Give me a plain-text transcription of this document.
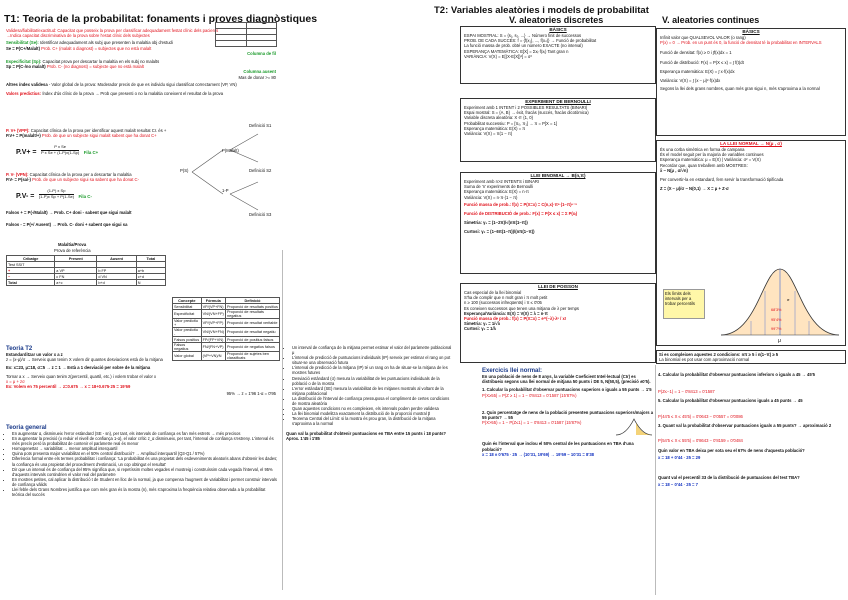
T1: Teoria de la probabilitat: fonaments i proves diagnòstiques
Validesa/fiabilitat/exactitud: Capacitat que posseix la prova per classificar adequadament festat clínic dels pacients
→Indica capacitat discriminativa de la prova sobre l'estat clínic dels subjectes
Sensibilitat (Se): Identificar adequadament als subj que presenten la malaltia obj d'estudi
Se = P(C+/Malalt) Prob. C+ (malalt o diagnost) = subjectes que no està malalt
Columna de fil
Especificitat (Sp): Capacitat prova per descartar la malaltia en els subj no malalts
Sp = P(C-/no malalt) Prob. C- (no diagnost) = subjecte que no està malalt
Columna ausent
Mas de donar >= 80
Altres índex validesa - Valor global de la prova: Moderador precis de que es individu sigui classificat correctament (VP, VN)
Valors predictius: Índex d'ús clínic de la prova → Prob que presenti o no la malaltia coneixent el resultat de la prova

P. V+ (VPP): Capacitat clínica de la prova per identificar aquest malalt resultat Cr. és +
P.V+ = P(malalt/+) Prob. de que un subjecte sigui malalt sabent que ha donat C+
$P.V+ = \frac{\text{P x Se}}{\text{P x Se + (1-P)x(1-Sp)}}$ Fila C+
P. V- (VPN): Capacitat clínica de la prova per a descartar la malaltia
P.V- = P(sa/-) Prob. de que un subjecte sigui sa sabent que ha donat C-
$P.V- = \frac{\text{(1-P) x Sp}}{\text{(1-P)x Sp + P(1-Se)}}$ Fila C-
Falsos + = P(-/Malalt) → Prob. C+ doni - sabent que sigui malalt
Falsos - = P(+/ Ausent) → Prob. C- doni + sabent que sigui sa
Definició S1
P(Malalt)
1-P
Definició S2
P(S)
Definició S3
Malaltia/Prova
Prova de referència
Cribatge	Present	Ausent	Total
Test SSIT			
+	a VP	b FP	a+b
−	c FN	d VN	c+d
Total	a+c	b+d	N
Concepte	Fórmula	Definició
Sensibilitat	VP/(VP+FN)	Proporció de resultats positius
Especificitat	VN/(VN+FP)	Proporció de resultats negatius
Valor predictiu +	VP/(VP+FP)	Proporció de resultat veritable
Valor predictiu -	VN/(VN+FN)	Proporció de resultat negatiu
Falsos positius	FP/(FP+VN)	Proporció de positius falsos
Falsos negatius	FN/(FN+VP)	Proporció de negatius falsos
Valor global	(VP+VN)/N	Proporció de sujetes ben classificats
Teoria T2
Estandarditzar un valor x a z
z = (x-μ)/σ → Serveix quan tenim X volem dir quantes desviacions està de la mitjana
Ex: x=23, μ=18, σ=5 → z = 1 → Està a 1 desviació per sobre de la mitjana
Tornar a x → Serveix quan tenim z(percentil, quartil, etc.) i volem trobar el valor x
x = μ + zσ
Ex: Volem en 75 percentil → z=0.675 → x = 18+0.675·25 = 19'69
95% → z = 1'96 1-α = 0'95
Teoria general
• En augmentar α, disminueix l'error estàndard (SE - sn), per tant, els intervals de confiança es fan més estrets → més precisos
• En augmentar la precisió (o reduir el nivell de confiança 1-α), el valor crític z_α disminueix, per tant, l'interval de confiança s'estreny. L'interval és més precís però la probabilitat de contenir el paràmetre real és menor
• Homogeneïtat → variabilitat → menor amplitud interquartil
• Quina pots presenta major variabilitat en el 50% central distribució? → Amplitud interquartil (Q3-Q1 / 57%)
• Diferència formal entre els termes probabilitat i confiança: 'La probabilitat és una propietat dels esdeveniments aleatoris abans d'obtenir les dades; la confiança és una propietat del procediment d'estimació, un cop obtingut el resultat'
• Dir que un interval és de confiança del 95% significa que, si repetíssim moltes vegades el mostreig i construíssim cada vegada l'interval, el 95% d'aquests intervals contindrien el valor real del paràmetre
• En mostres petites, cal aplicar la distribució t de Student en lloc de la normal, ja que compensa l'augment de variabilitat i permet construir intervals de confiança vàlids
• Llei feble dels Grans Nombres justifica que com més gran és la mostra (n), més s'aproxima la freqüència relativa observada a la probabilitat teòrica del succés
T2: Variables aleatòries i models de probabilitat
V. aleatories discretes
BÀSICS
ESPAI MOSTRAL: S = {s₁, s₂, ...} → Número finit de successos
PROB. DE CADA SUCCÉS: f = {f(x₁), ..., f(xₙ)} → Funció de probabilitat
La funció massa de prob. obté un número EXACTE (no interval)
ESPERANÇA MATEMÀTICA: E[X] = Σxᵢ·f(xᵢ) Tant gran n
VARIÀNCIA: V(X) = E[(X-E[X])²] = σ²
EXPERIMENT DE BERNOULLI
Experiment amb 1 INTENT i 2 POSSIBLES RESULTATS (BINARI)
Espai mostral: S = {A, B} → èxit, fracàs (succés, fracàs dicotòmica)
Variable discreta aleatòria: X ∈ {1, 0}
Probabilitat successiu: P = [π₀, π₁] → π = P[X = 1]
Esperança matemàtica: E(X) = π
Variància: V(X) = π(1 − π)
LLEI BINOMIAL → B(n,π)
Experiment amb n>2 INTENTS i BINARI
Suma de 'n' experiments de Bernoulli
Esperança matemàtica: E(X) = n·π
Variància: V(X) = n·π·(1 − π)
Funció massa de prob.: f(x) = P(X=x) = C(n,x)·πˣ·(1−π)ⁿ⁻ˣ
Funció de DISTRIBUCIÓ de prob.: F(x) = P(X ≤ x) = Σ P(xᵢ)
Simetria: γ₁ = (1−2π)/√(nπ(1−π))
Curtosi: γ₂ = (1−6π(1−π))/(nπ(1−π))
LLEI DE POISSON
Cas especial de la llei binomial
S'ha de complir que n molt gran i π molt petit
n ≥ 100 (successos infreqüents) i π ≤ 0'05
Es coneixen successos que tenen una mitjana de λ per temps
Esperança/Variància: E(X) = V(X) = λ = n·π
Funció massa de prob.: f(x) = P(X=x) = e^(−λ)·λˣ / x!
Simetria: γ₁ = 1/√λ
Curtosi: γ₂ = 1/λ
• Un interval de confiança de la mitjana permet estimar el valor del paràmetre poblacional μ
• L'interval de predicció de puntuacions individuals (IP) serveix per estimar el rang on pot situar-se una observació futura
• L'interval de predicció de la mitjana (IP) té un rang on ha de situar-se la mitjana de les mostres futures
• Desviació estàndard (σ) mesura la variabilitat de les puntuacions individuals de la població o de la mostra
• L'error estàndard (SE) mesura la variabilitat de les mitjanes mostrals al voltant de la mitjana poblacional
• La distribució de l'interval de confiança pressuposa el compliment de certes condicions de mostra aleatòria
• Quan aquestes condicions no es compleixen, els intervals poden perdre validesa
• La llei binomial modelitza exactament la distribució de la proporció mostral p̂
• Teorema Central del Límit: si la mostra és prou gran, la distribució de la mitjana s'aproxima a la normal
Quan val la probabilitat d'obtenir puntuacions en TBA entre 15 punts i 18 punts? Aprox. 1'45 i 1'85
Exercicis llei normal:
En una població de nens de 8 anys, la variable Coeficient Intel·lectual (CIr) es distribueix segons una llei normal de mitjana 50 punts i DE 5, N(50,5), (precisió ±0'5).
1. Calcular la probabilitat d'observar puntuacions superiors o iguals a 55 punts → 1'5
P(X≥55) = P(Z ≥ 1) = 1 − 0'8413 = 0'1587 (15'87%)
2. Quin percentatge de nens de la població presenten puntuacions superiors/majors a 55 punts? → 55
P(X>55) = 1 − P(Z≤1) = 1 − 0'8413 = 0'1587 (15'87%)
Quin és l'interval que inclou el 50% central de les puntuacions en TBA d'una població?
x = 18 ± 0'675 · 25 → (10'31, 19'69) → 19'69 − 10'31 = 8'38
V. aleatories continues
BÀSICS
Infinit valor que QUALSEVOL VALOR (o rang)
P(x) = 0 → Prob. en un punt és 0, la funció de densitat té la probabilitat en INTERVALS
Funció de densitat: f(x) ≥ 0 i ∫f(x)dx = 1
Funció de distribució: F(x) = P(X ≤ x) = ∫ f(t)dt
Esperança matemàtica: E(X) = ∫ x·f(x)dx
Variància: V(X) = ∫ (x − μ)²·f(x)dx
Segons la llei dels grans nombres, quan més gran sigui n, més s'aproxima a la normal
LA LLEI NORMAL → N(μ , σ)
És una corba simètrica en forma de campana
És el model seguit per la majoria de variables continues
Esperança matemàtica: μ = E(X) | Variància: σ² = V(X)
Recordar que, quan treballem amb MOSTRES:
x̄ ~ N(μ , σ/√n)
Per convertir-la en estandard, fem servir la transformació tipificada
Z = (X − μ)/σ ~ N(0,1) → X = μ + Z·σ
Els límits dels intervals per a trobar percentils
μ
σ
68'3%
95'4%
99'7%
Si es compleixen aquestes 2 condicions: nπ ≥ 5 i n(1−π) ≥ 5
La binomial es pot usar com aproximació normal
4. Calcular la probabilitat d'observar puntuacions inferiors o iguals a 45 → 45'5
P(Z≤−1) = 1 − 0'8413 = 0'1587
5. Calcular la probabilitat d'observar puntuacions iguals a 45 punts → 45
P(44'5 ≤ X ≤ 45'5) = 0'0643 − 0'0557 = 0'0086
3. Quant val la probabilitat d'observar puntuacions iguals a 55 punts? → aproximació 2
P(54'5 ≤ X ≤ 55'5) = 0'8643 − 0'8159 = 0'0484
Quin valor en TBA deixa per sota seu el 67% de nens d'aquesta població?
x = 18 + 0'44 · 25 = 29
Quant val el percentil 33 de la distribució de puntuacions del test TBA?
x = 18 − 0'44 · 25 = 7
